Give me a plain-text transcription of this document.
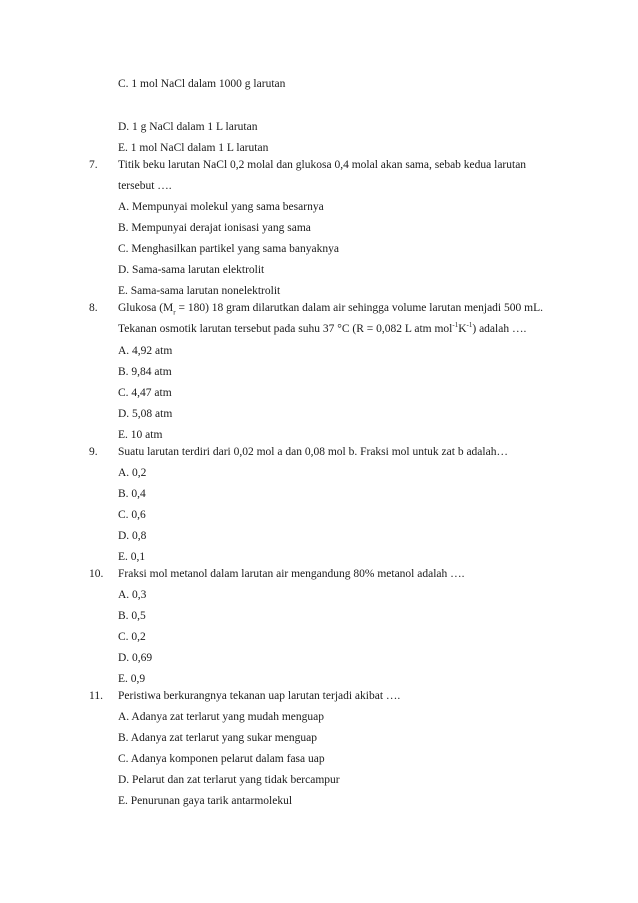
C. 1 mol NaCl dalam 1000 g larutan
D. 1 g NaCl dalam 1 L larutan
E. 1 mol NaCl dalam 1 L larutan
7. Titik beku larutan NaCl 0,2 molal dan glukosa 0,4 molal akan sama, sebab kedua larutan
tersebut ….
A. Mempunyai molekul yang sama besarnya
B. Mempunyai derajat ionisasi yang sama
C. Menghasilkan partikel yang sama banyaknya
D. Sama-sama larutan elektrolit
E. Sama-sama larutan nonelektrolit
8. Glukosa $(M_r = 180)$ 18 gram dilarutkan dalam air sehingga volume larutan menjadi 500 mL.
Tekanan osmotik larutan tersebut pada suhu 37 °C (R = 0,082 L atm $mol^{-1}K^{-1}$) adalah ….
A. 4,92 atm
B. 9,84 atm
C. 4,47 atm
D. 5,08 atm
E. 10 atm
9. Suatu larutan terdiri dari 0,02 mol a dan 0,08 mol b. Fraksi mol untuk zat b adalah…
A. 0,2
B. 0,4
C. 0,6
D. 0,8
E. 0,1
10. Fraksi mol metanol dalam larutan air mengandung 80% metanol adalah ….
A. 0,3
B. 0,5
C. 0,2
D. 0,69
E. 0,9
11. Peristiwa berkurangnya tekanan uap larutan terjadi akibat ….
A. Adanya zat terlarut yang mudah menguap
B. Adanya zat terlarut yang sukar menguap
C. Adanya komponen pelarut dalam fasa uap
D. Pelarut dan zat terlarut yang tidak bercampur
E. Penurunan gaya tarik antarmolekul
